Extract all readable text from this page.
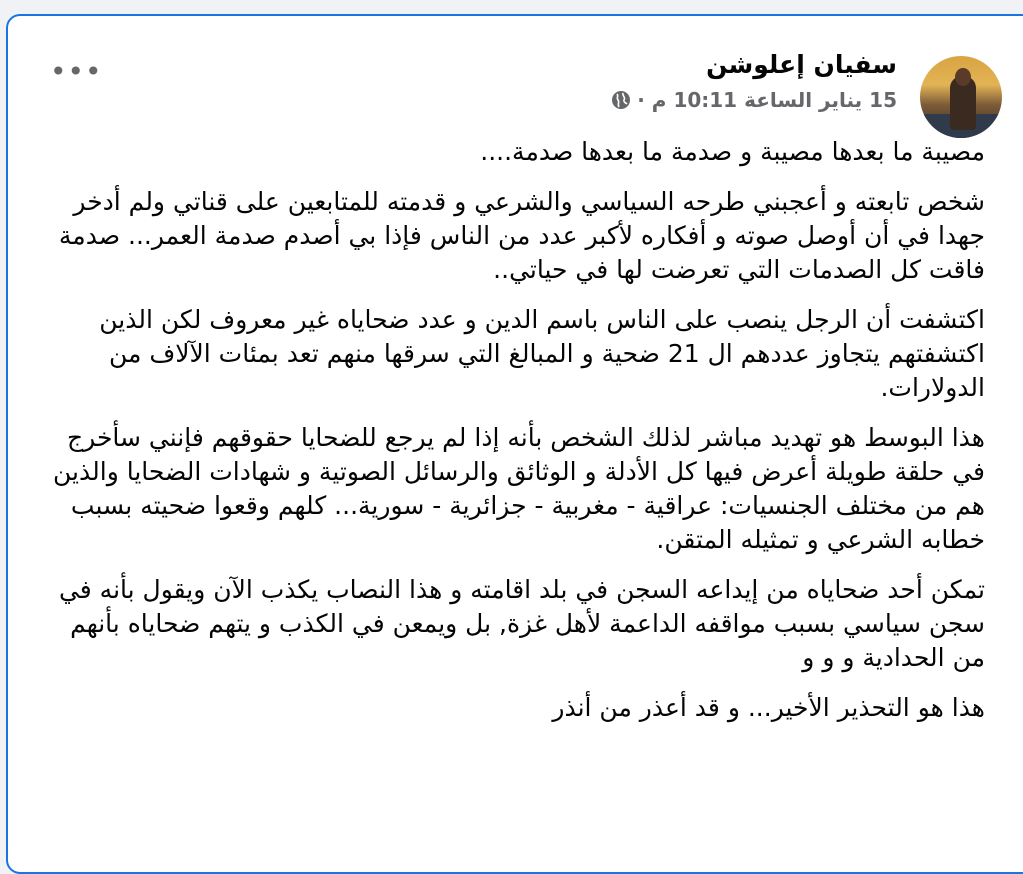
•••	سفيان إعلوشن
15 يناير الساعة 10:11 م ·

مصيبة ما بعدها مصيبة و صدمة ما بعدها صدمة....

شخص تابعته و أعجبني طرحه السياسي والشرعي و قدمته للمتابعين على قناتي ولم أدخر جهدا في أن أوصل صوته و أفكاره لأكبر عدد من الناس فإذا بي أصدم صدمة العمر... صدمة فاقت كل الصدمات التي تعرضت لها في حياتي..

اكتشفت أن الرجل ينصب على الناس باسم الدين و عدد ضحاياه غير معروف لكن الذين اكتشفتهم يتجاوز عددهم ال 21 ضحية و المبالغ التي سرقها منهم تعد بمئات الآلاف من الدولارات.

هذا البوسط هو تهديد مباشر لذلك الشخص بأنه إذا لم يرجع للضحايا حقوقهم فإنني سأخرج في حلقة طويلة أعرض فيها كل الأدلة و الوثائق والرسائل الصوتية و شهادات الضحايا والذين هم من مختلف الجنسيات: عراقية - مغربية - جزائرية - سورية... كلهم وقعوا ضحيته بسبب خطابه الشرعي و تمثيله المتقن.

تمكن أحد ضحاياه من إيداعه السجن في بلد اقامته و هذا النصاب يكذب الآن ويقول بأنه في سجن سياسي بسبب مواقفه الداعمة لأهل غزة, بل ويمعن في الكذب و يتهم ضحاياه بأنهم من الحدادية و و و

هذا هو التحذير الأخير... و قد أعذر من أنذر
